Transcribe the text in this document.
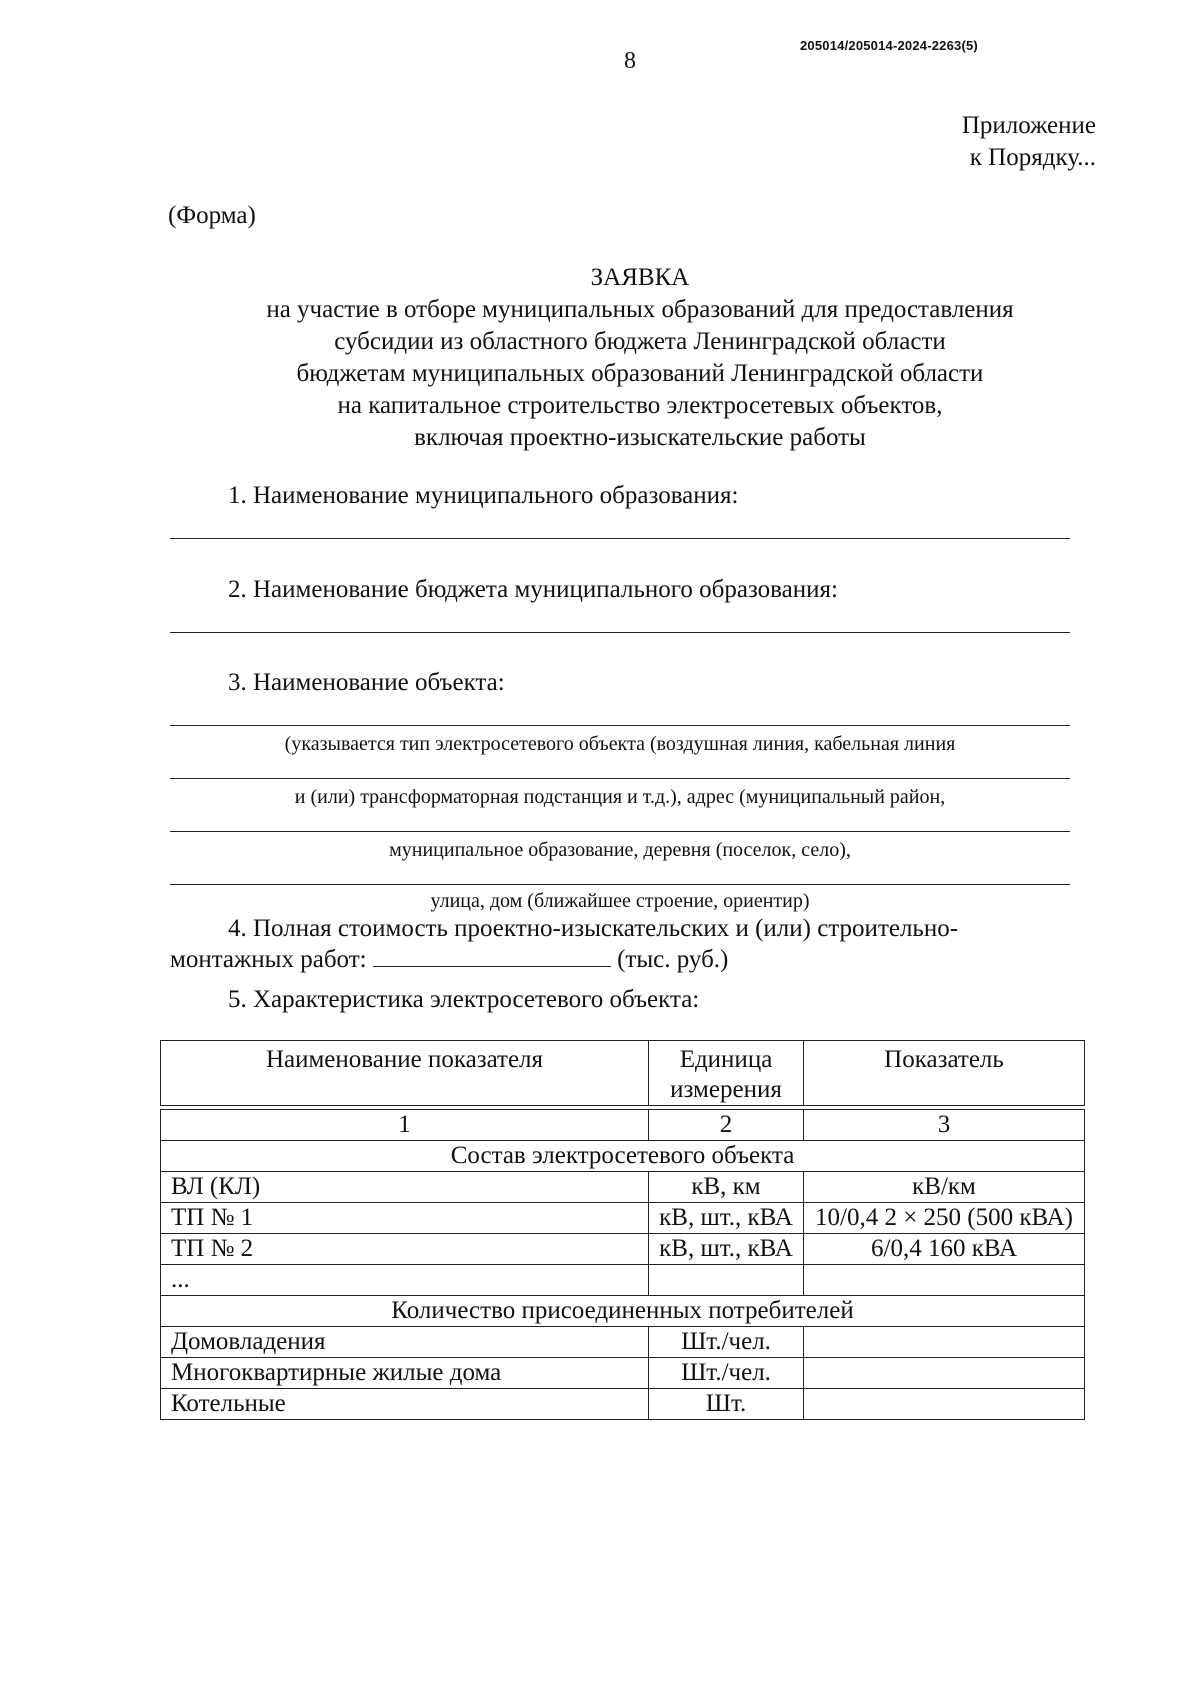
205014/205014-2024-2263(5)
8
Приложение
к Порядку...
(Форма)
ЗАЯВКА
на участие в отборе муниципальных образований для предоставления
субсидии из областного бюджета Ленинградской области
бюджетам муниципальных образований Ленинградской области
на капитальное строительство электросетевых объектов,
включая проектно-изыскательские работы
1. Наименование муниципального образования:
2. Наименование бюджета муниципального образования:
3. Наименование объекта:
(указывается тип электросетевого объекта (воздушная линия, кабельная линия
и (или) трансформаторная подстанция и т.д.), адрес (муниципальный район,
муниципальное образование, деревня (поселок, село),
улица, дом (ближайшее строение, ориентир)
4. Полная стоимость проектно-изыскательских и (или) строительно-
монтажных работ:	(тыс. руб.)
5. Характеристика электросетевого объекта:
Наименование показателя	Единица измерения	Показатель

1	2	3
Состав электросетевого объекта		
ВЛ (КЛ)	кВ, км	кВ/км
ТП № 1	кВ, шт., кВА	10/0,4 2 × 250 (500 кВА)
ТП № 2	кВ, шт., кВА	6/0,4 160 кВА
...		
Количество присоединенных потребителей		
Домовладения	Шт./чел.	
Многоквартирные жилые дома	Шт./чел.	
Котельные	Шт.	
